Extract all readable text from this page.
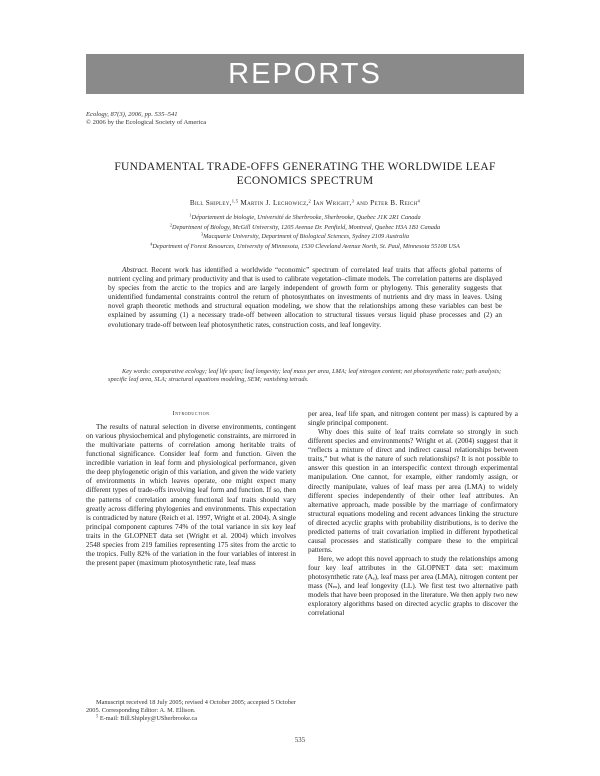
REPORTS
Ecology, 87(3), 2006, pp. 535–541
© 2006 by the Ecological Society of America
FUNDAMENTAL TRADE-OFFS GENERATING THE WORLDWIDE LEAF
ECONOMICS SPECTRUM
Bill Shipley,$^{1,5}$ Martin J. Lechowicz,$^2$ Ian Wright,$^3$ and Peter B. Reich$^4$
$^1$Département de biologie, Université de Sherbrooke, Sherbrooke, Quebec J1K 2R1 Canada
$^2$Department of Biology, McGill University, 1205 Avenue Dr. Penfield, Montreal, Quebec H3A 1B1 Canada
$^3$Macquarie University, Department of Biological Sciences, Sydney 2109 Australia
$^4$Department of Forest Resources, University of Minnesota, 1530 Cleveland Avenue North, St. Paul, Minnesota 55108 USA
Abstract. Recent work has identified a worldwide “economic” spectrum of correlated leaf traits that affects global patterns of nutrient cycling and primary productivity and that is used to calibrate vegetation–climate models. The correlation patterns are displayed by species from the arctic to the tropics and are largely independent of growth form or phylogeny. This generality suggests that unidentified fundamental constraints control the return of photosynthates on investments of nutrients and dry mass in leaves. Using novel graph theoretic methods and structural equation modeling, we show that the relationships among these variables can best be explained by assuming (1) a necessary trade-off between allocation to structural tissues versus liquid phase processes and (2) an evolutionary trade-off between leaf photosynthetic rates, construction costs, and leaf longevity.
Key words: comparative ecology; leaf life span; leaf longevity; leaf mass per area, LMA; leaf nitrogen content; net photosynthetic rate; path analysis; specific leaf area, SLA; structural equations modeling, SEM; vanishing tetrads.
Introduction

The results of natural selection in diverse environments, contingent on various physiochemical and phylogenetic constraints, are mirrored in the multivariate patterns of correlation among heritable traits of functional significance. Consider leaf form and function. Given the incredible variation in leaf form and physiological performance, given the deep phylogenetic origin of this variation, and given the wide variety of environments in which leaves operate, one might expect many different types of trade-offs involving leaf form and function. If so, then the patterns of correlation among functional leaf traits should vary greatly across differing phylogenies and environments. This expectation is contradicted by nature (Reich et al. 1997, Wright et al. 2004). A single principal component captures 74% of the total variance in six key leaf traits in the GLOPNET data set (Wright et al. 2004) which involves 2548 species from 219 families representing 175 sites from the arctic to the tropics. Fully 82% of the variation in the four variables of interest in the present paper (maximum photosynthetic rate, leaf mass

per area, leaf life span, and nitrogen content per mass) is captured by a single principal component.

Why does this suite of leaf traits correlate so strongly in such different species and environments? Wright et al. (2004) suggest that it “reflects a mixture of direct and indirect causal relationships between traits,” but what is the nature of such relationships? It is not possible to answer this question in an interspecific context through experimental manipulation. One cannot, for example, either randomly assign, or directly manipulate, values of leaf mass per area (LMA) to widely different species independently of their other leaf attributes. An alternative approach, made possible by the marriage of confirmatory structural equations modeling and recent advances linking the structure of directed acyclic graphs with probability distributions, is to derive the predicted patterns of trait covariation implied in different hypothetical causal processes and statistically compare these to the empirical patterns.

Here, we adopt this novel approach to study the relationships among four key leaf attributes in the GLOPNET data set: maximum photosynthetic rate (Aₐ), leaf mass per area (LMA), nitrogen content per mass (Nₘ), and leaf longevity (LL). We first test two alternative path models that have been proposed in the literature. We then apply two new exploratory algorithms based on directed acyclic graphs to discover the correlational

Manuscript received 18 July 2005; revised 4 October 2005; accepted 5 October 2005. Corresponding Editor: A. M. Ellison.

$^5$ E-mail: Bill.Shipley@USherbrooke.ca

535
